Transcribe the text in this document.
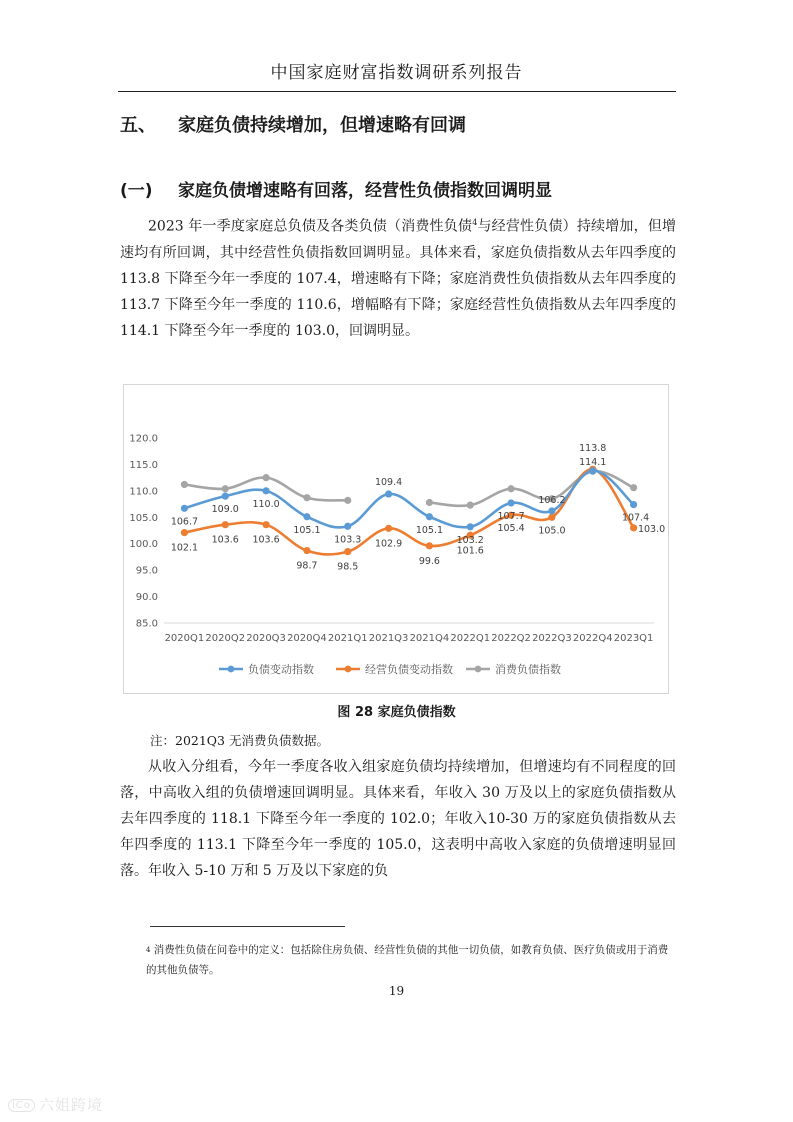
中国家庭财富指数调研系列报告
五、 家庭负债持续增加，但增速略有回调
(一) 家庭负债增速略有回落，经营性负债指数回调明显

2023 年一季度家庭总负债及各类负债（消费性负债$^4$与经营性负债）持续增加，但增速均有所回调，其中经营性负债指数回调明显。具体来看，家庭负债指数从去年四季度的 113.8 下降至今年一季度的 107.4，增速略有下降；家庭消费性负债指数从去年四季度的 113.7 下降至今年一季度的 110.6，增幅略有下降；家庭经营性负债指数从去年四季度的 114.1 下降至今年一季度的 103.0，回调明显。

85.0
90.0
95.0
100.0
105.0
110.0
115.0
120.0
2020Q1 2020Q2 2020Q3 2020Q4 2021Q1 2021Q3 2021Q4 2022Q1 2022Q2 2022Q3 2022Q4 2023Q1
106.7
109.0 110.0
105.1
103.3
109.4
105.1
103.2
107.7
106.2
113.8
107.4
102.1
103.6 103.6
98.7 98.5
102.9
99.6
101.6
105.4 105.0
114.1
103.0
负债变动指数	经营负债变动指数	消费负债指数
图 28 家庭负债指数
注：2021Q3 无消费负债数据。

从收入分组看，今年一季度各收入组家庭负债均持续增加，但增速均有不同程度的回落，中高收入组的负债增速回调明显。具体来看，年收入 30 万及以上的家庭负债指数从去年四季度的 118.1 下降至今年一季度的 102.0；年收入10-30 万的家庭负债指数从去年四季度的 113.1 下降至今年一季度的 105.0，这表明中高收入家庭的负债增速明显回落。年收入 5-10 万和 5 万及以下家庭的负

$^4$ 消费性负债在问卷中的定义：包括除住房负债、经营性负债的其他一切负债，如教育负债、医疗负债或用于消费的其他负债等。
19
lCo 六姐跨境
